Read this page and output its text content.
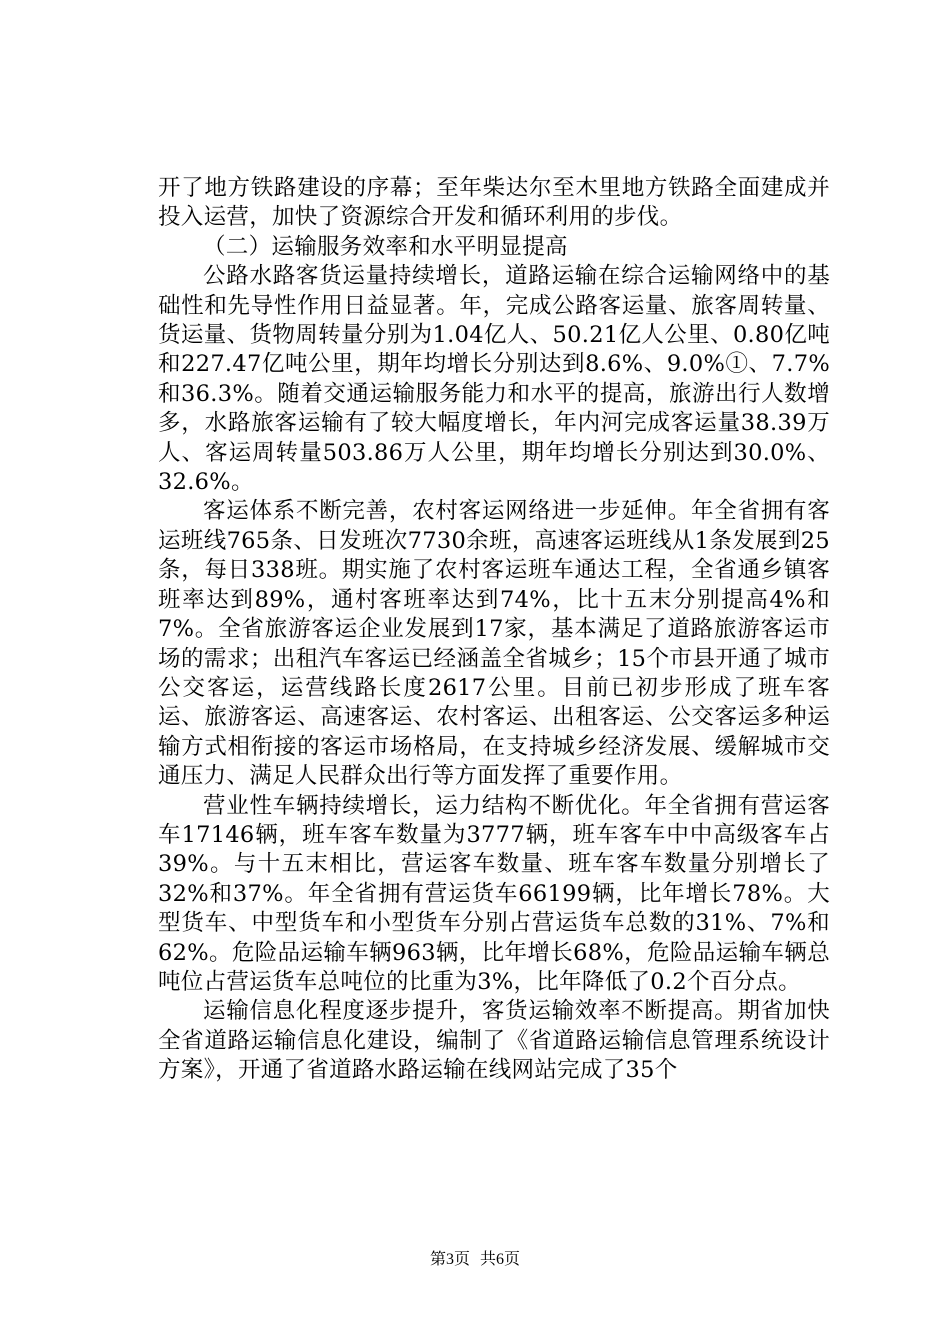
开了地方铁路建设的序幕；至年柴达尔至木里地方铁路全面建成并投入运营，加快了资源综合开发和循环利用的步伐。

（二）运输服务效率和水平明显提高

公路水路客货运量持续增长，道路运输在综合运输网络中的基础性和先导性作用日益显著。年，完成公路客运量、旅客周转量、货运量、货物周转量分别为1.04亿人、50.21亿人公里、0.80亿吨和227.47亿吨公里，期年均增长分别达到8.6%、9.0%①、7.7%和36.3%。随着交通运输服务能力和水平的提高，旅游出行人数增多，水路旅客运输有了较大幅度增长，年内河完成客运量38.39万人、客运周转量503.86万人公里，期年均增长分别达到30.0%、32.6%。

客运体系不断完善，农村客运网络进一步延伸。年全省拥有客运班线765条、日发班次7730余班，高速客运班线从1条发展到25条，每日338班。期实施了农村客运班车通达工程，全省通乡镇客班率达到89%，通村客班率达到74%，比十五末分别提高4%和7%。全省旅游客运企业发展到17家，基本满足了道路旅游客运市场的需求；出租汽车客运已经涵盖全省城乡；15个市县开通了城市公交客运，运营线路长度2617公里。目前已初步形成了班车客运、旅游客运、高速客运、农村客运、出租客运、公交客运多种运输方式相衔接的客运市场格局，在支持城乡经济发展、缓解城市交通压力、满足人民群众出行等方面发挥了重要作用。

营业性车辆持续增长，运力结构不断优化。年全省拥有营运客车17146辆，班车客车数量为3777辆，班车客车中中高级客车占39%。与十五末相比，营运客车数量、班车客车数量分别增长了32%和37%。年全省拥有营运货车66199辆，比年增长78%。大型货车、中型货车和小型货车分别占营运货车总数的31%、7%和62%。危险品运输车辆963辆，比年增长68%，危险品运输车辆总吨位占营运货车总吨位的比重为3%，比年降低了0.2个百分点。

运输信息化程度逐步提升，客货运输效率不断提高。期省加快全省道路运输信息化建设，编制了《省道路运输信息管理系统设计方案》，开通了省道路水路运输在线网站完成了35个

第3页 共6页
